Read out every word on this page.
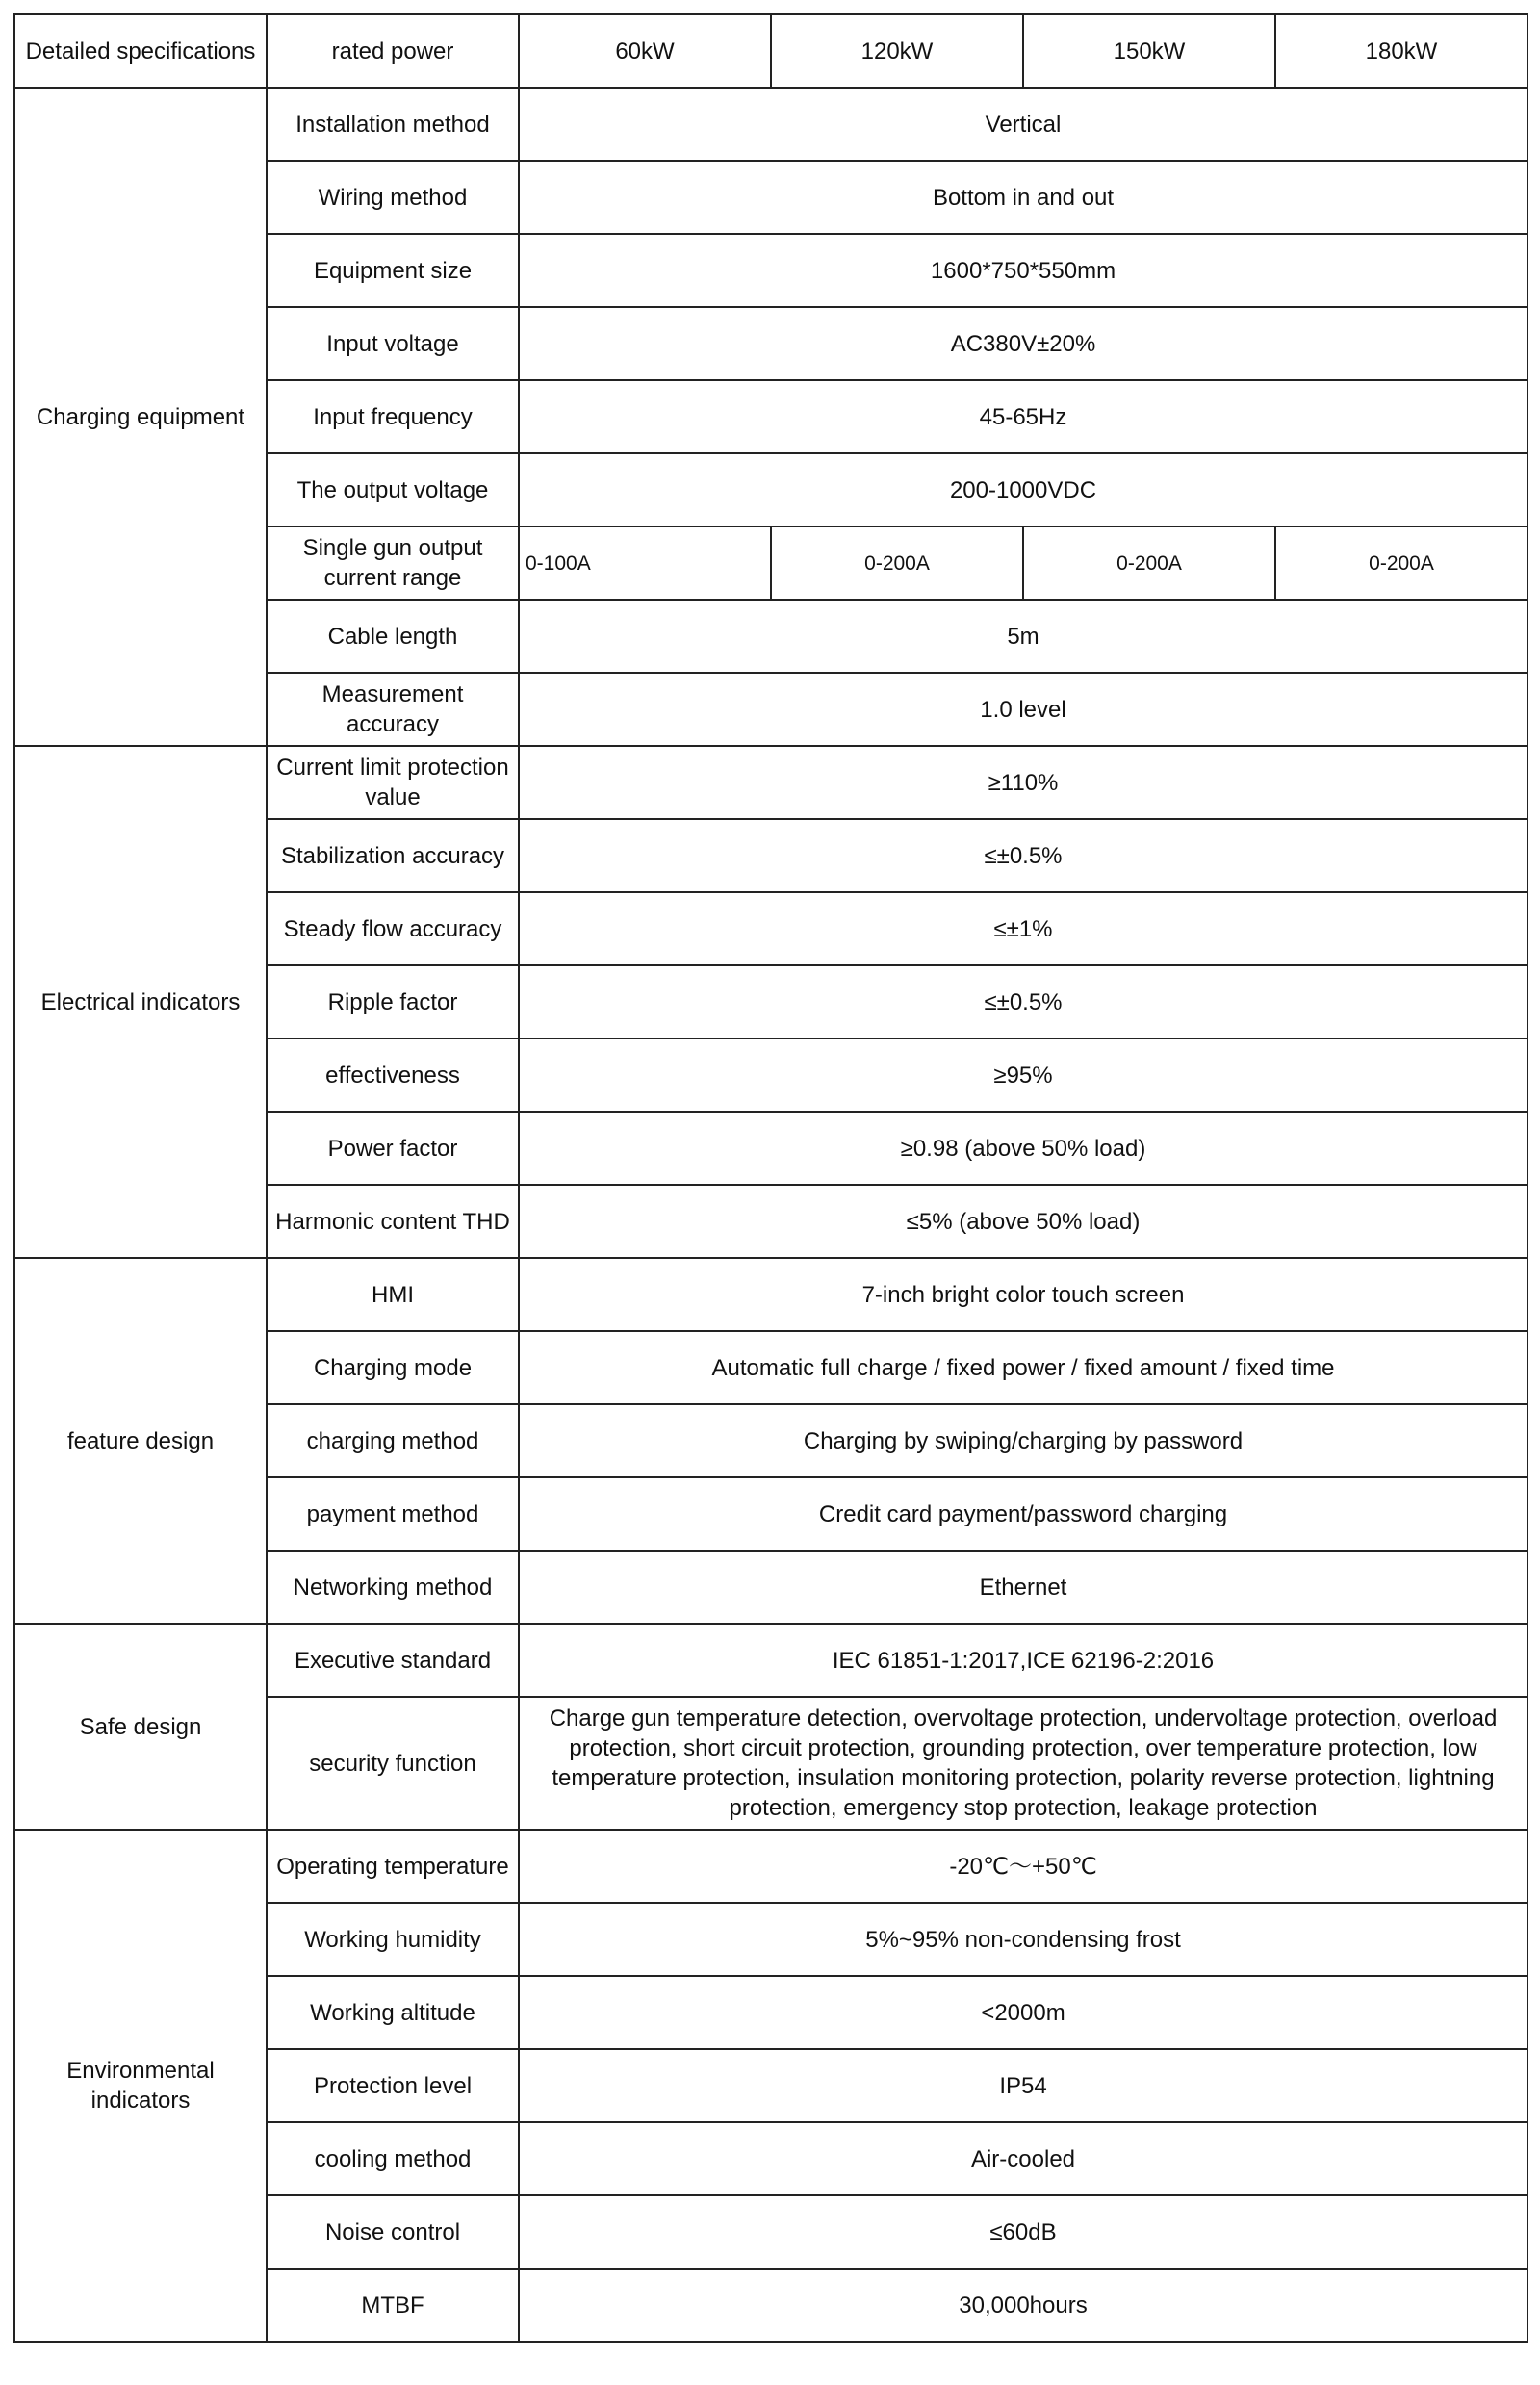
Detailed specifications	rated power	60kW	120kW	150kW	180kW
Charging equipment	Installation method	Vertical			
	Wiring method	Bottom in and out			
	Equipment size	1600*750*550mm			
	Input voltage	AC380V±20%			
	Input frequency	45-65Hz			
	The output voltage	200-1000VDC			
	Single gun output current range	0-100A	0-200A	0-200A	0-200A
	Cable length	5m			
	Measurement accuracy	1.0 level			
Electrical indicators	Current limit protection value	≥110%			
	Stabilization accuracy	≤±0.5%			
	Steady flow accuracy	≤±1%			
	Ripple factor	≤±0.5%			
	effectiveness	≥95%			
	Power factor	≥0.98 (above 50% load)			
	Harmonic content THD	≤5% (above 50% load)			
feature design	HMI	7-inch bright color touch screen			
	Charging mode	Automatic full charge / fixed power / fixed amount / fixed time			
	charging method	Charging by swiping/charging by password			
	payment method	Credit card payment/password charging			
	Networking method	Ethernet			
Safe design	Executive standard	IEC 61851-1:2017,ICE 62196-2:2016			
	security function	Charge gun temperature detection, overvoltage protection, undervoltage protection, overload protection, short circuit protection, grounding protection, over temperature protection, low temperature protection, insulation monitoring protection, polarity reverse protection, lightning protection, emergency stop protection, leakage protection			
Environmental indicators	Operating temperature	-20℃～+50℃			
	Working humidity	5%~95% non-condensing frost			
	Working altitude	<2000m			
	Protection level	IP54			
	cooling method	Air-cooled			
	Noise control	≤60dB			
	MTBF	30,000hours			
